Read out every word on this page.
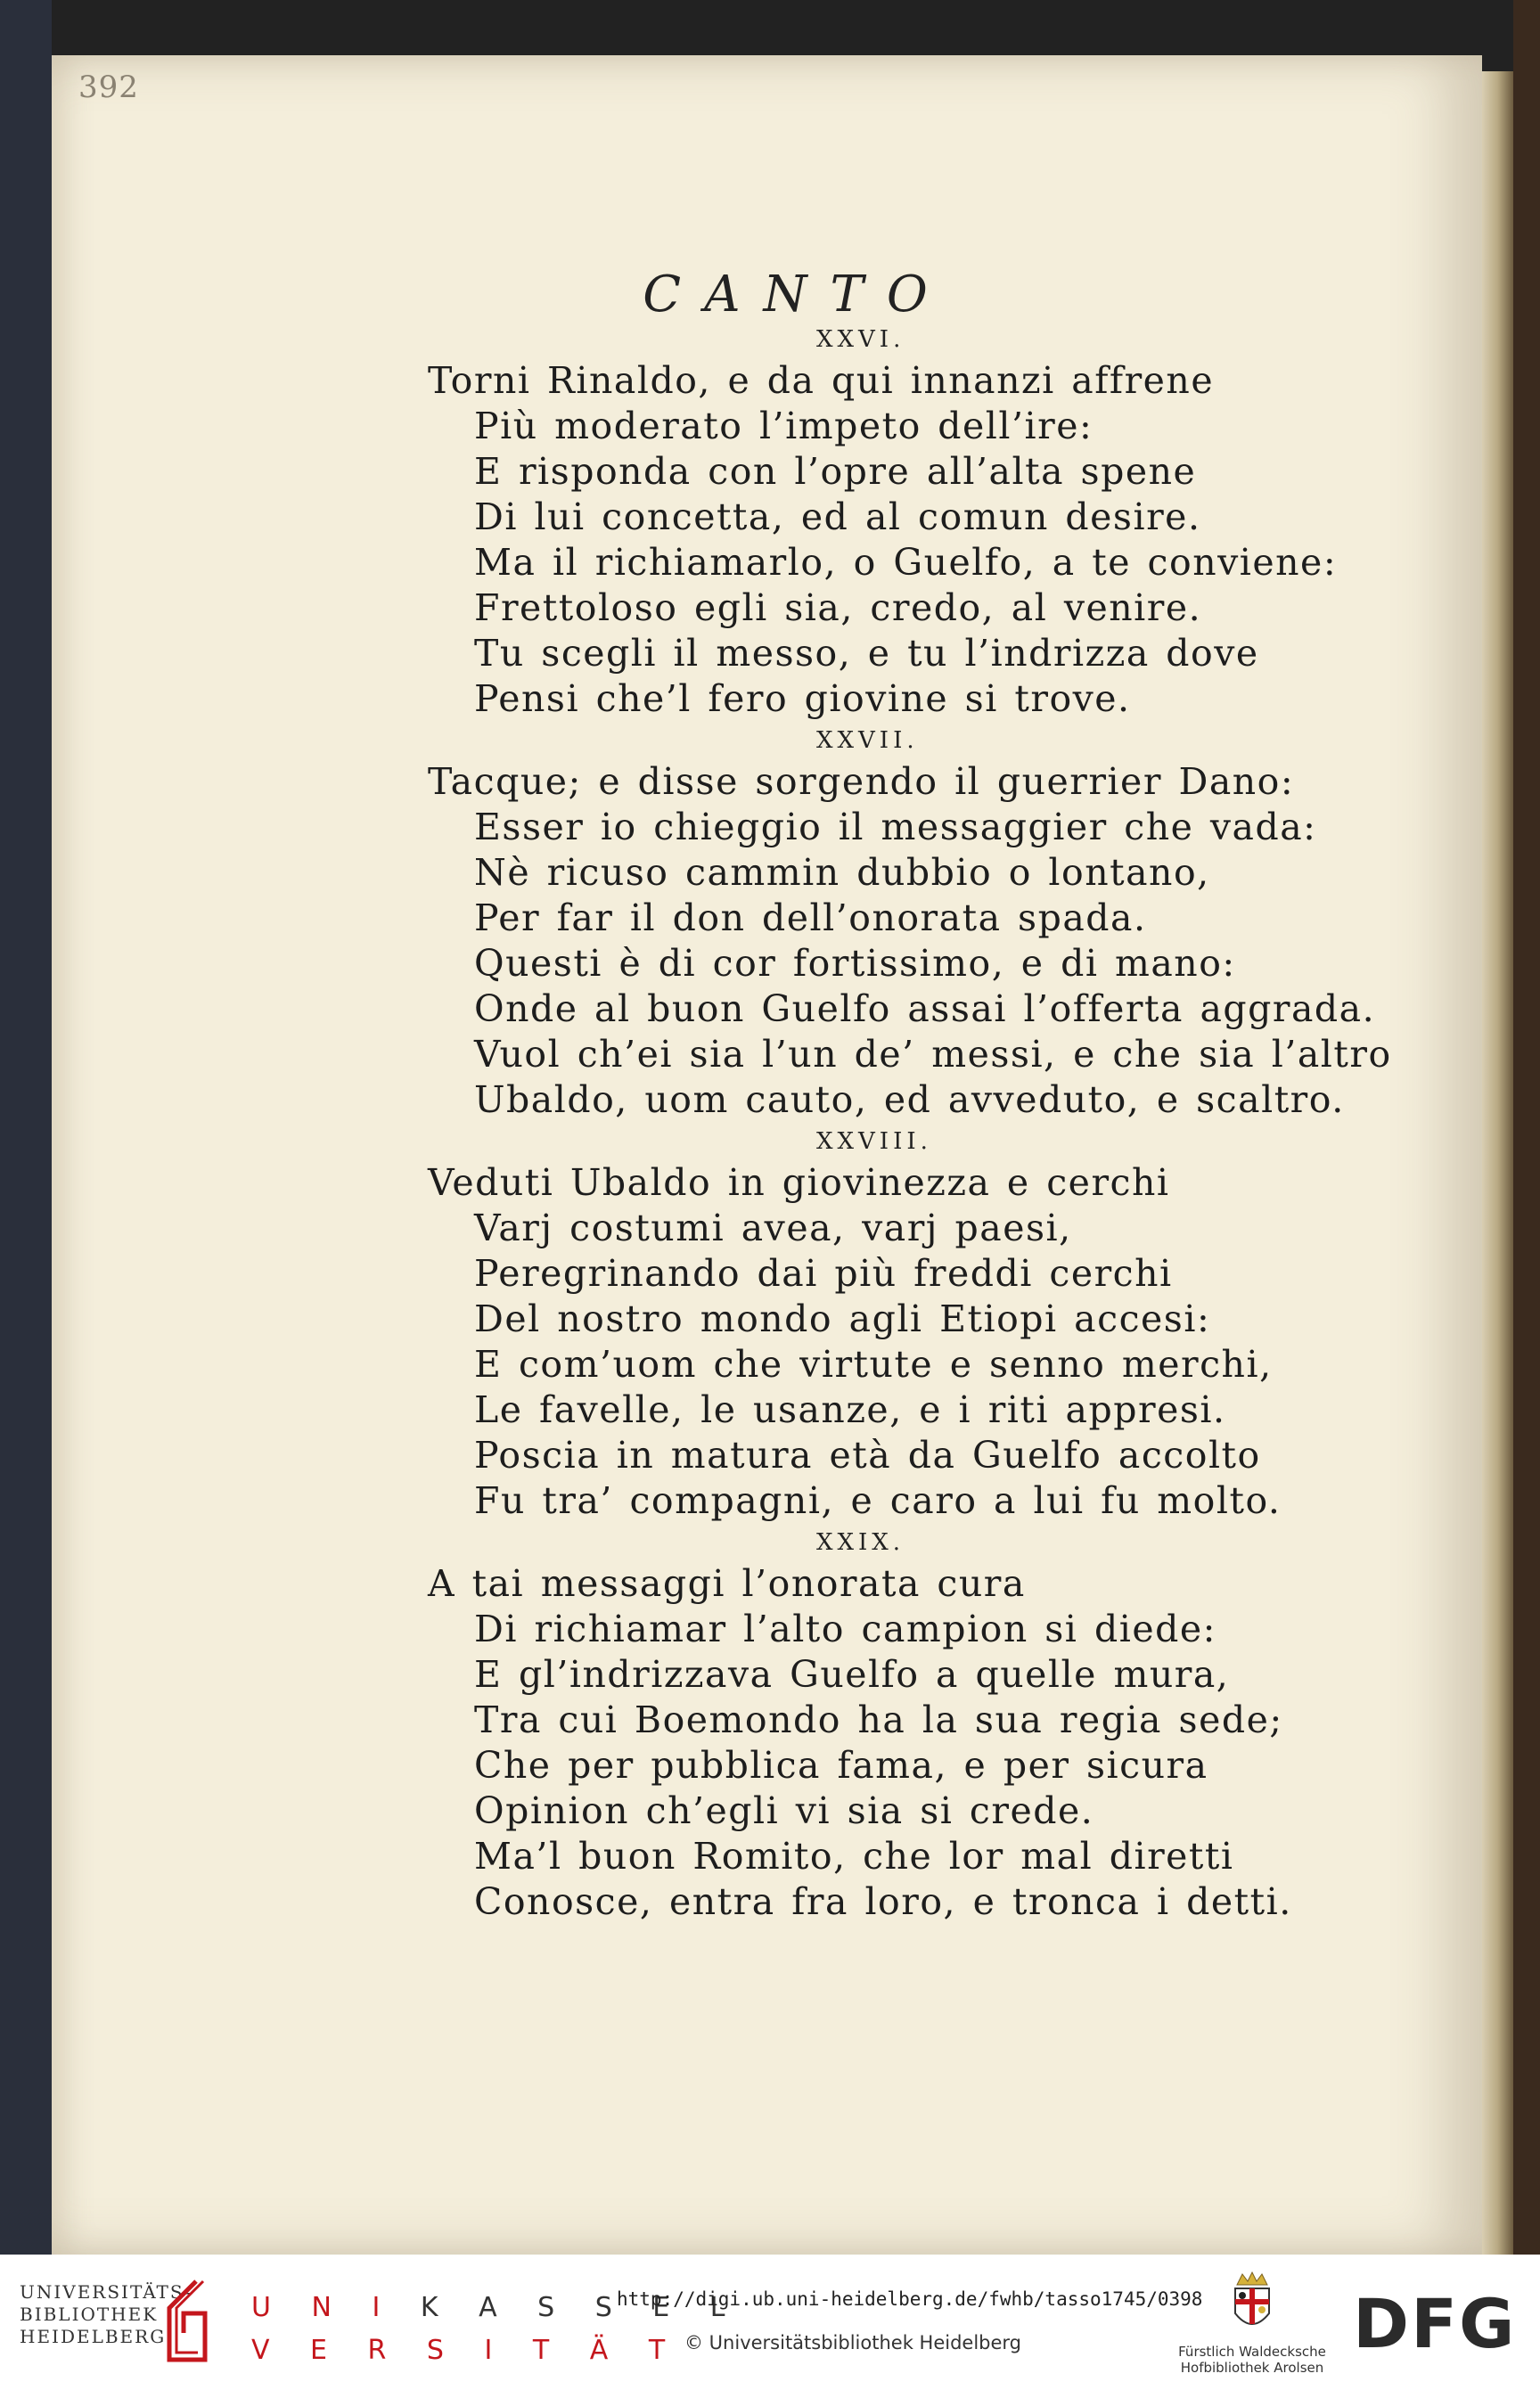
392
CANTO
XXVI.
Torni Rinaldo, e da qui innanzi affrene
Più moderato l’impeto dell’ire:
E risponda con l’opre all’alta spene
Di lui concetta, ed al comun desire.
Ma il richiamarlo, o Guelfo, a te conviene:
Frettoloso egli sia, credo, al venire.
Tu scegli il messo, e tu l’indrizza dove
Pensi che’l fero giovine si trove.
XXVII.
Tacque; e disse sorgendo il guerrier Dano:
Esser io chieggio il messaggier che vada:
Nè ricuso cammin dubbio o lontano,
Per far il don dell’onorata spada.
Questi è di cor fortissimo, e di mano:
Onde al buon Guelfo assai l’offerta aggrada.
Vuol ch’ei sia l’un de’ messi, e che sia l’altro
Ubaldo, uom cauto, ed avveduto, e scaltro.
XXVIII.
Veduti Ubaldo in giovinezza e cerchi
Varj costumi avea, varj paesi,
Peregrinando dai più freddi cerchi
Del nostro mondo agli Etiopi accesi:
E com’uom che virtute e senno merchi,
Le favelle, le usanze, e i riti appresi.
Poscia in matura età da Guelfo accolto
Fu tra’ compagni, e caro a lui fu molto.
XXIX.
A tai messaggi l’onorata cura
Di richiamar l’alto campion si diede:
E gl’indrizzava Guelfo a quelle mura,
Tra cui Boemondo ha la sua regia sede;
Che per pubblica fama, e per sicura
Opinion ch’egli vi sia si crede.
Ma’l buon Romito, che lor mal diretti
Conosce, entra fra loro, e tronca i detti.
UNIVERSITÄTS-
BIBLIOTHEK
HEIDELBERG
U N I K A S S E L
V E R S I T Ä T
http://digi.ub.uni-heidelberg.de/fwhb/tasso1745/0398
© Universitätsbibliothek Heidelberg	Fürstlich Waldecksche
Hofbibliothek Arolsen
DFG
